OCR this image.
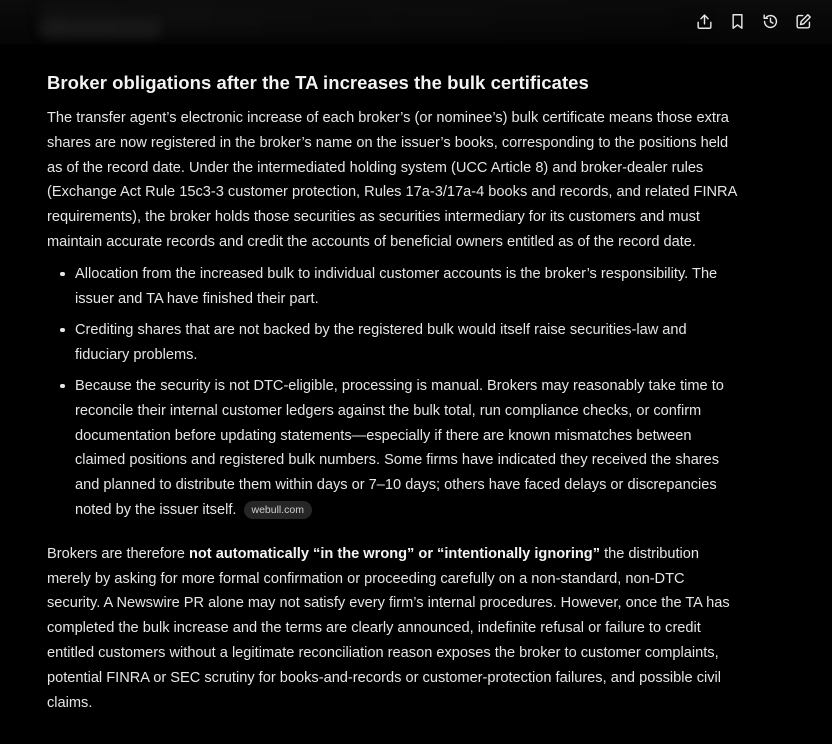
Broker obligations after the TA increases the bulk certificates

The transfer agent’s electronic increase of each broker’s (or nominee’s) bulk certificate means those extra shares are now registered in the broker’s name on the issuer’s books, corresponding to the positions held as of the record date. Under the intermediated holding system (UCC Article 8) and broker-dealer rules (Exchange Act Rule 15c3-3 customer protection, Rules 17a-3/17a-4 books and records, and related FINRA requirements), the broker holds those securities as securities intermediary for its customers and must maintain accurate records and credit the accounts of beneficial owners entitled as of the record date.

Allocation from the increased bulk to individual customer accounts is the broker’s responsibility. The issuer and TA have finished their part.
Crediting shares that are not backed by the registered bulk would itself raise securities-law and fiduciary problems.
Because the security is not DTC-eligible, processing is manual. Brokers may reasonably take time to reconcile their internal customer ledgers against the bulk total, run compliance checks, or confirm documentation before updating statements—especially if there are known mismatches between claimed positions and registered bulk numbers. Some firms have indicated they received the shares and planned to distribute them within days or 7–10 days; others have faced delays or discrepancies noted by the issuer itself. webull.com

Brokers are therefore not automatically “in the wrong” or “intentionally ignoring” the distribution merely by asking for more formal confirmation or proceeding carefully on a non-standard, non-DTC security. A Newswire PR alone may not satisfy every firm’s internal procedures. However, once the TA has completed the bulk increase and the terms are clearly announced, indefinite refusal or failure to credit entitled customers without a legitimate reconciliation reason exposes the broker to customer complaints, potential FINRA or SEC scrutiny for books-and-records or customer-protection failures, and possible civil claims.
